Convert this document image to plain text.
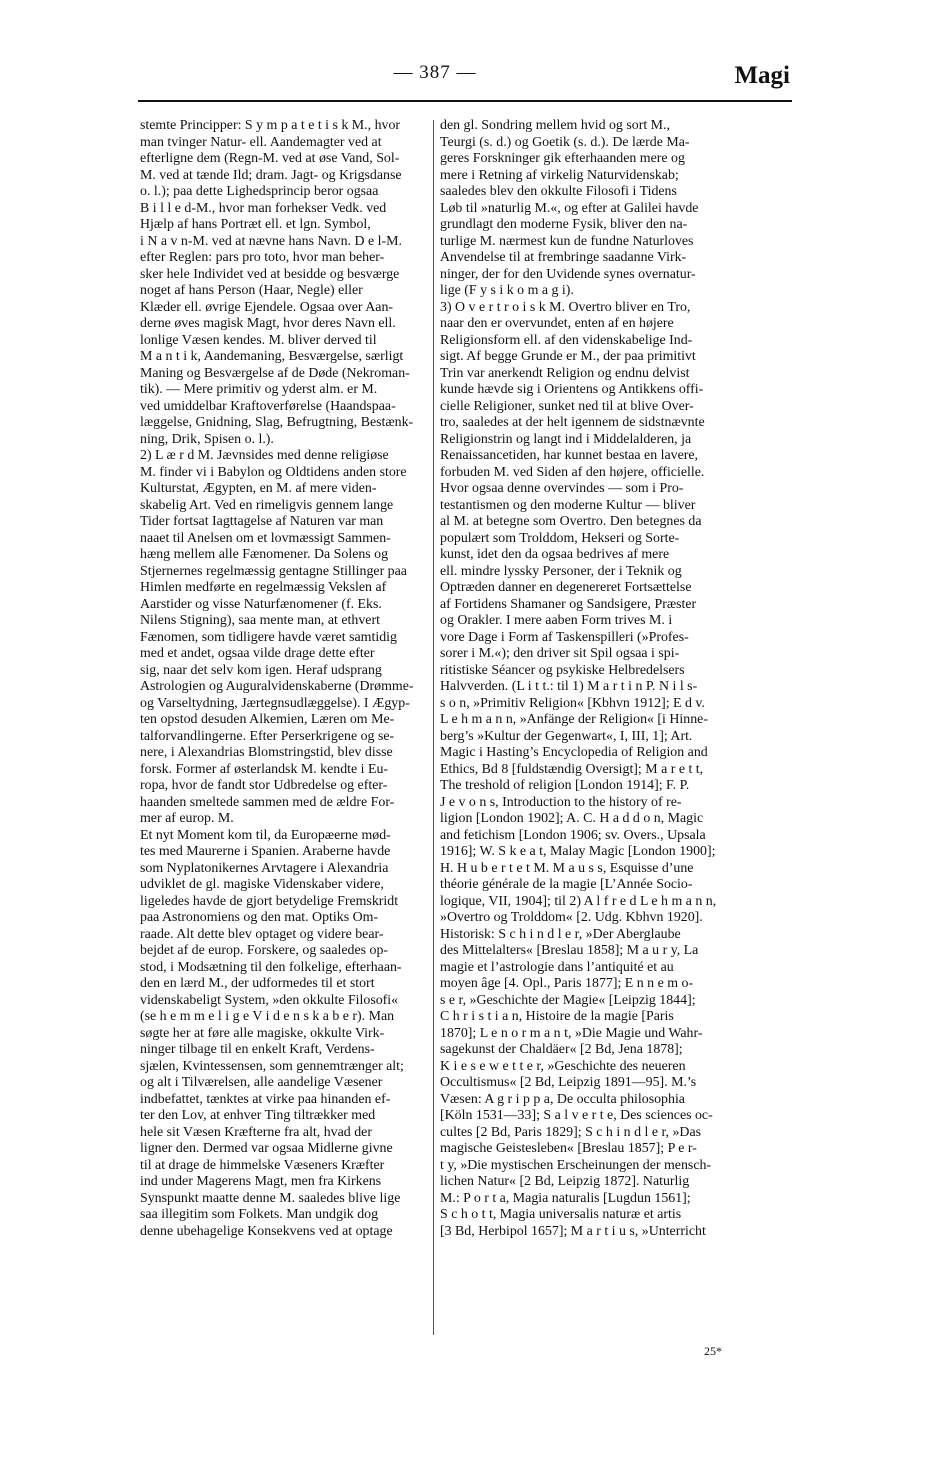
— 387 —	Magi
stemte Principper: S y m p a t e t i s k M., hvor
man tvinger Natur- ell. Aandemagter ved at
efterligne dem (Regn-M. ved at øse Vand, Sol-
M. ved at tænde Ild; dram. Jagt- og Krigsdanse
o. l.); paa dette Lighedsprincip beror ogsaa
B i l l e d-M., hvor man forhekser Vedk. ved
Hjælp af hans Portræt ell. et lgn. Symbol,
i N a v n-M. ved at nævne hans Navn. D e l-M.
efter Reglen: pars pro toto, hvor man beher-
sker hele Individet ved at besidde og besværge
noget af hans Person (Haar, Negle) eller
Klæder ell. øvrige Ejendele. Ogsaa over Aan-
derne øves magisk Magt, hvor deres Navn ell.
lonlige Væsen kendes. M. bliver derved til
M a n t i k, Aandemaning, Besværgelse, særligt
Maning og Besværgelse af de Døde (Nekroman-
tik). — Mere primitiv og yderst alm. er M.
ved umiddelbar Kraftoverførelse (Haandspaa-
læggelse, Gnidning, Slag, Befrugtning, Bestænk-
ning, Drik, Spisen o. l.).
2) L æ r d M. Jævnsides med denne religiøse
M. finder vi i Babylon og Oldtidens anden store
Kulturstat, Ægypten, en M. af mere viden-
skabelig Art. Ved en rimeligvis gennem lange
Tider fortsat Iagttagelse af Naturen var man
naaet til Anelsen om et lovmæssigt Sammen-
hæng mellem alle Fænomener. Da Solens og
Stjernernes regelmæssig gentagne Stillinger paa
Himlen medførte en regelmæssig Vekslen af
Aarstider og visse Naturfænomener (f. Eks.
Nilens Stigning), saa mente man, at ethvert
Fænomen, som tidligere havde været samtidig
med et andet, ogsaa vilde drage dette efter
sig, naar det selv kom igen. Heraf udsprang
Astrologien og Auguralvidenskaberne (Drømme-
og Varseltydning, Jærtegnsudlæggelse). I Ægyp-
ten opstod desuden Alkemien, Læren om Me-
talforvandlingerne. Efter Perserkrigene og se-
nere, i Alexandrias Blomstringstid, blev disse
forsk. Former af østerlandsk M. kendte i Eu-
ropa, hvor de fandt stor Udbredelse og efter-
haanden smeltede sammen med de ældre For-
mer af europ. M.
Et nyt Moment kom til, da Europæerne mød-
tes med Maurerne i Spanien. Araberne havde
som Nyplatonikernes Arvtagere i Alexandria
udviklet de gl. magiske Videnskaber videre,
ligeledes havde de gjort betydelige Fremskridt
paa Astronomiens og den mat. Optiks Om-
raade. Alt dette blev optaget og videre bear-
bejdet af de europ. Forskere, og saaledes op-
stod, i Modsætning til den folkelige, efterhaan-
den en lærd M., der udformedes til et stort
videnskabeligt System, »den okkulte Filosofi«
(se h e m m e l i g e V i d e n s k a b e r). Man
søgte her at føre alle magiske, okkulte Virk-
ninger tilbage til en enkelt Kraft, Verdens-
sjælen, Kvintessensen, som gennemtrænger alt;
og alt i Tilværelsen, alle aandelige Væsener
indbefattet, tænktes at virke paa hinanden ef-
ter den Lov, at enhver Ting tiltrækker med
hele sit Væsen Kræfterne fra alt, hvad der
ligner den. Dermed var ogsaa Midlerne givne
til at drage de himmelske Væseners Kræfter
ind under Magerens Magt, men fra Kirkens
Synspunkt maatte denne M. saaledes blive lige
saa illegitim som Folkets. Man undgik dog
denne ubehagelige Konsekvens ved at optage
den gl. Sondring mellem hvid og sort M.,
Teurgi (s. d.) og Goetik (s. d.). De lærde Ma-
geres Forskninger gik efterhaanden mere og
mere i Retning af virkelig Naturvidenskab;
saaledes blev den okkulte Filosofi i Tidens
Løb til »naturlig M.«, og efter at Galilei havde
grundlagt den moderne Fysik, bliver den na-
turlige M. nærmest kun de fundne Naturloves
Anvendelse til at frembringe saadanne Virk-
ninger, der for den Uvidende synes overnatur-
lige (F y s i k o m a g i).
3) O v e r t r o i s k M. Overtro bliver en Tro,
naar den er overvundet, enten af en højere
Religionsform ell. af den videnskabelige Ind-
sigt. Af begge Grunde er M., der paa primitivt
Trin var anerkendt Religion og endnu delvist
kunde hævde sig i Orientens og Antikkens offi-
cielle Religioner, sunket ned til at blive Over-
tro, saaledes at der helt igennem de sidstnævnte
Religionstrin og langt ind i Middelalderen, ja
Renaissancetiden, har kunnet bestaa en lavere,
forbuden M. ved Siden af den højere, officielle.
Hvor ogsaa denne overvindes — som i Pro-
testantismen og den moderne Kultur — bliver
al M. at betegne som Overtro. Den betegnes da
populært som Trolddom, Hekseri og Sorte-
kunst, idet den da ogsaa bedrives af mere
ell. mindre lyssky Personer, der i Teknik og
Optræden danner en degenereret Fortsættelse
af Fortidens Shamaner og Sandsigere, Præster
og Orakler. I mere aaben Form trives M. i
vore Dage i Form af Taskenspilleri (»Profes-
sorer i M.«); den driver sit Spil ogsaa i spi-
ritistiske Séancer og psykiske Helbredelsers
Halvverden. (L i t t.: til 1) M a r t i n P. N i l s-
s o n, »Primitiv Religion« [Kbhvn 1912]; E d v.
L e h m a n n, »Anfänge der Religion« [i Hinne-
berg’s »Kultur der Gegenwart«, I, III, 1]; Art.
Magic i Hasting’s Encyclopedia of Religion and
Ethics, Bd 8 [fuldstændig Oversigt]; M a r e t t,
The treshold of religion [London 1914]; F. P.
J e v o n s, Introduction to the history of re-
ligion [London 1902]; A. C. H a d d o n, Magic
and fetichism [London 1906; sv. Overs., Upsala
1916]; W. S k e a t, Malay Magic [London 1900];
H. H u b e r t e t M. M a u s s, Esquisse d’une
théorie générale de la magie [L’Année Socio-
logique, VII, 1904]; til 2) A l f r e d L e h m a n n,
»Overtro og Trolddom« [2. Udg. Kbhvn 1920].
Historisk: S c h i n d l e r, »Der Aberglaube
des Mittelalters« [Breslau 1858]; M a u r y, La
magie et l’astrologie dans l’antiquité et au
moyen âge [4. Opl., Paris 1877]; E n n e m o-
s e r, »Geschichte der Magie« [Leipzig 1844];
C h r i s t i a n, Histoire de la magie [Paris
1870]; L e n o r m a n t, »Die Magie und Wahr-
sagekunst der Chaldäer« [2 Bd, Jena 1878];
K i e s e w e t t e r, »Geschichte des neueren
Occultismus« [2 Bd, Leipzig 1891—95]. M.’s
Væsen: A g r i p p a, De occulta philosophia
[Köln 1531—33]; S a l v e r t e, Des sciences oc-
cultes [2 Bd, Paris 1829]; S c h i n d l e r, »Das
magische Geistesleben« [Breslau 1857]; P e r-
t y, »Die mystischen Erscheinungen der mensch-
lichen Natur« [2 Bd, Leipzig 1872]. Naturlig
M.: P o r t a, Magia naturalis [Lugdun 1561];
S c h o t t, Magia universalis naturæ et artis
[3 Bd, Herbipol 1657]; M a r t i u s, »Unterricht
25*
